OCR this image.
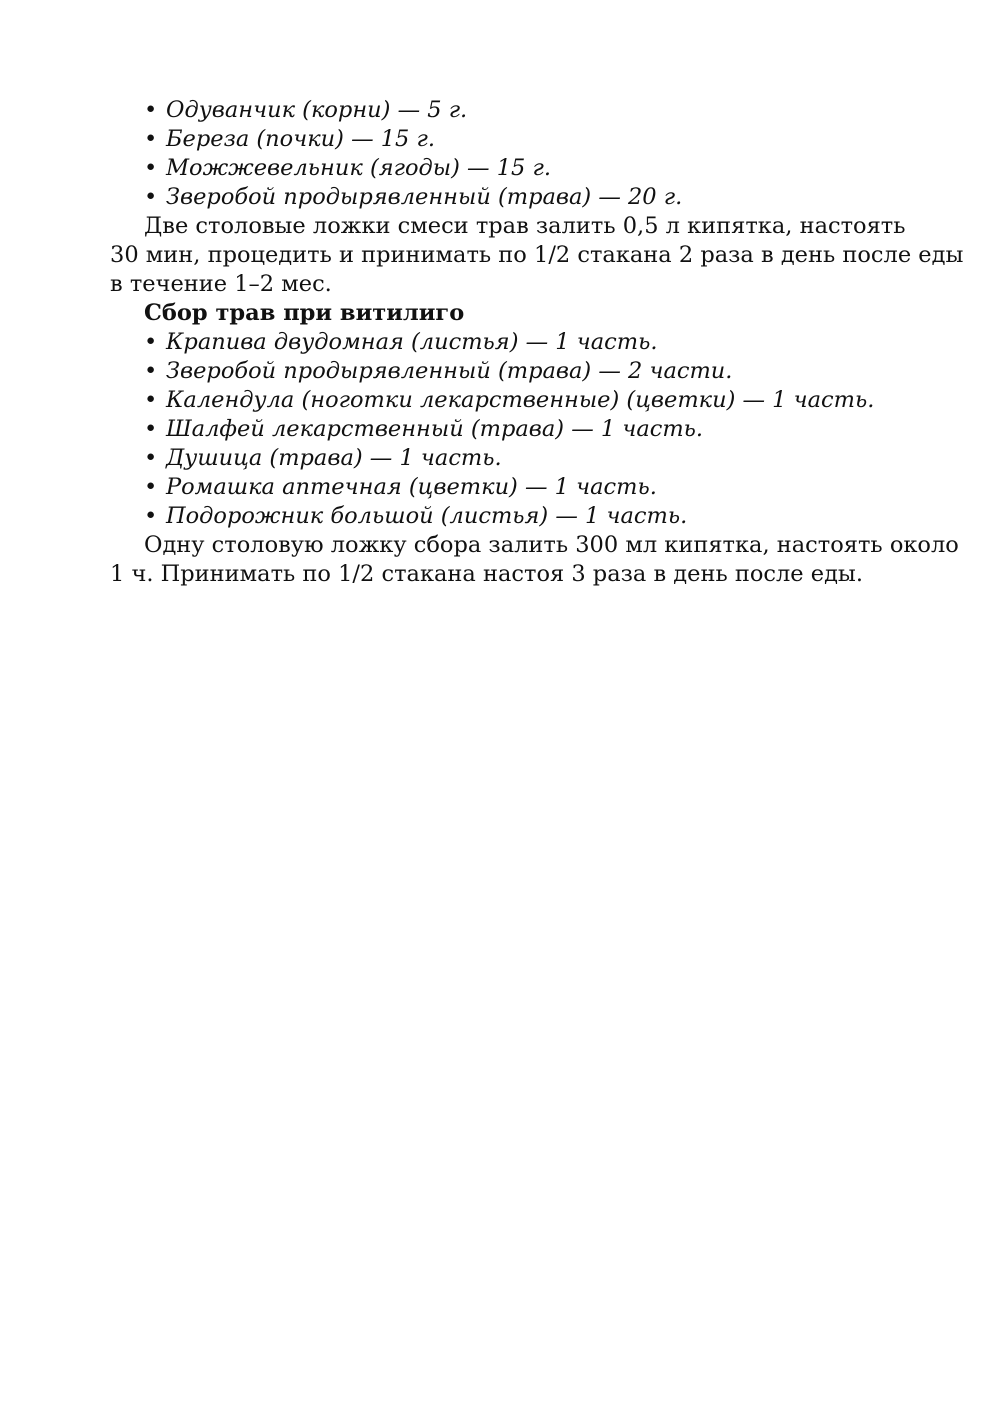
• Одуванчик (корни) — 5 г.
• Береза (почки) — 15 г.
• Можжевельник (ягоды) — 15 г.
• Зверобой продырявленный (трава) — 20 г.
Две столовые ложки смеси трав залить 0,5 л кипятка, настоять
30 мин, процедить и принимать по 1/2 стакана 2 раза в день после еды
в течение 1–2 мес.
Сбор трав при витилиго
• Крапива двудомная (листья) — 1 часть.
• Зверобой продырявленный (трава) — 2 части.
• Календула (ноготки лекарственные) (цветки) — 1 часть.
• Шалфей лекарственный (трава) — 1 часть.
• Душица (трава) — 1 часть.
• Ромашка аптечная (цветки) — 1 часть.
• Подорожник большой (листья) — 1 часть.
Одну столовую ложку сбора залить 300 мл кипятка, настоять около
1 ч. Принимать по 1/2 стакана настоя 3 раза в день после еды.
